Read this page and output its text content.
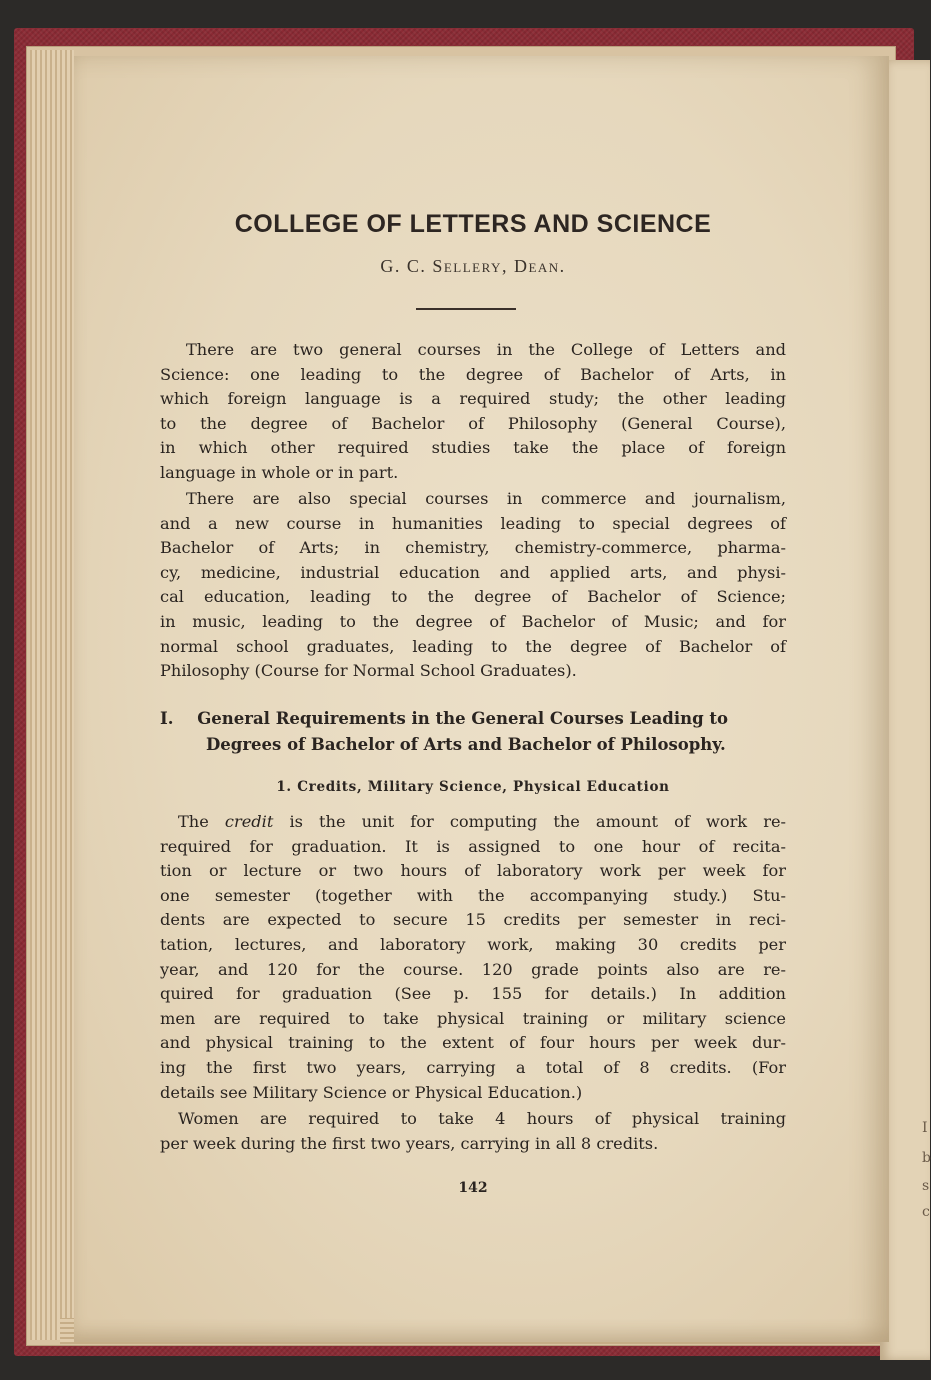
I
b
s
c
COLLEGE OF LETTERS AND SCIENCE
G. C. Sellery, Dean.

There are two general courses in the College of Letters and
Science: one leading to the degree of Bachelor of Arts, in
which foreign language is a required study; the other leading
to the degree of Bachelor of Philosophy (General Course),
in which other required studies take the place of foreign
language in whole or in part.

There are also special courses in commerce and journalism,
and a new course in humanities leading to special degrees of
Bachelor of Arts; in chemistry, chemistry-commerce, pharma-
cy, medicine, industrial education and applied arts, and physi-
cal education, leading to the degree of Bachelor of Science;
in music, leading to the degree of Bachelor of Music; and for
normal school graduates, leading to the degree of Bachelor of
Philosophy (Course for Normal School Graduates).

I. General Requirements in the General Courses Leading to
Degrees of Bachelor of Arts and Bachelor of Philosophy.
1. Credits, Military Science, Physical Education

The credit is the unit for computing the amount of work re-
required for graduation. It is assigned to one hour of recita-
tion or lecture or two hours of laboratory work per week for
one semester (together with the accompanying study.) Stu-
dents are expected to secure 15 credits per semester in reci-
tation, lectures, and laboratory work, making 30 credits per
year, and 120 for the course. 120 grade points also are re-
quired for graduation (See p. 155 for details.) In addition
men are required to take physical training or military science
and physical training to the extent of four hours per week dur-
ing the first two years, carrying a total of 8 credits. (For
details see Military Science or Physical Education.)

Women are required to take 4 hours of physical training
per week during the first two years, carrying in all 8 credits.

142
